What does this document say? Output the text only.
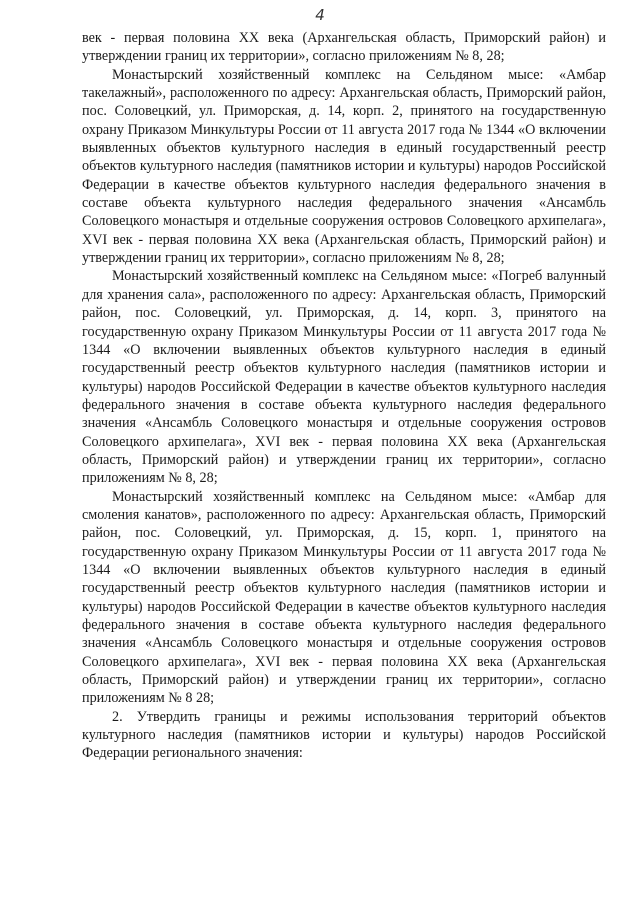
4

век - первая половина XX века (Архангельская область, Приморский район) и утверждении границ их территории», согласно приложениям № 8, 28;

Монастырский хозяйственный комплекс на Сельдяном мысе: «Амбар такелажный», расположенного по адресу: Архангельская область, Приморский район, пос. Соловецкий, ул. Приморская, д. 14, корп. 2, принятого на государственную охрану Приказом Минкультуры России от 11 августа 2017 года № 1344 «О включении выявленных объектов культурного наследия в единый государственный реестр объектов культурного наследия (памятников истории и культуры) народов Российской Федерации в качестве объектов культурного наследия федерального значения в составе объекта культурного наследия федерального значения «Ансамбль Соловецкого монастыря и отдельные сооружения островов Соловецкого архипелага», XVI век - первая половина XX века (Архангельская область, Приморский район) и утверждении границ их территории», согласно приложениям № 8, 28;

Монастырский хозяйственный комплекс на Сельдяном мысе: «Погреб валунный для хранения сала», расположенного по адресу: Архангельская область, Приморский район, пос. Соловецкий, ул. Приморская, д. 14, корп. 3, принятого на государственную охрану Приказом Минкультуры России от 11 августа 2017 года № 1344 «О включении выявленных объектов культурного наследия в единый государственный реестр объектов культурного наследия (памятников истории и культуры) народов Российской Федерации в качестве объектов культурного наследия федерального значения в составе объекта культурного наследия федерального значения «Ансамбль Соловецкого монастыря и отдельные сооружения островов Соловецкого архипелага», XVI век - первая половина XX века (Архангельская область, Приморский район) и утверждении границ их территории», согласно приложениям № 8, 28;

Монастырский хозяйственный комплекс на Сельдяном мысе: «Амбар для смоления канатов», расположенного по адресу: Архангельская область, Приморский район, пос. Соловецкий, ул. Приморская, д. 15, корп. 1, принятого на государственную охрану Приказом Минкультуры России от 11 августа 2017 года № 1344 «О включении выявленных объектов культурного наследия в единый государственный реестр объектов культурного наследия (памятников истории и культуры) народов Российской Федерации в качестве объектов культурного наследия федерального значения в составе объекта культурного наследия федерального значения «Ансамбль Соловецкого монастыря и отдельные сооружения островов Соловецкого архипелага», XVI век - первая половина XX века (Архангельская область, Приморский район) и утверждении границ их территории», согласно приложениям № 8 28;

2. Утвердить границы и режимы использования территорий объектов культурного наследия (памятников истории и культуры) народов Российской Федерации регионального значения:
